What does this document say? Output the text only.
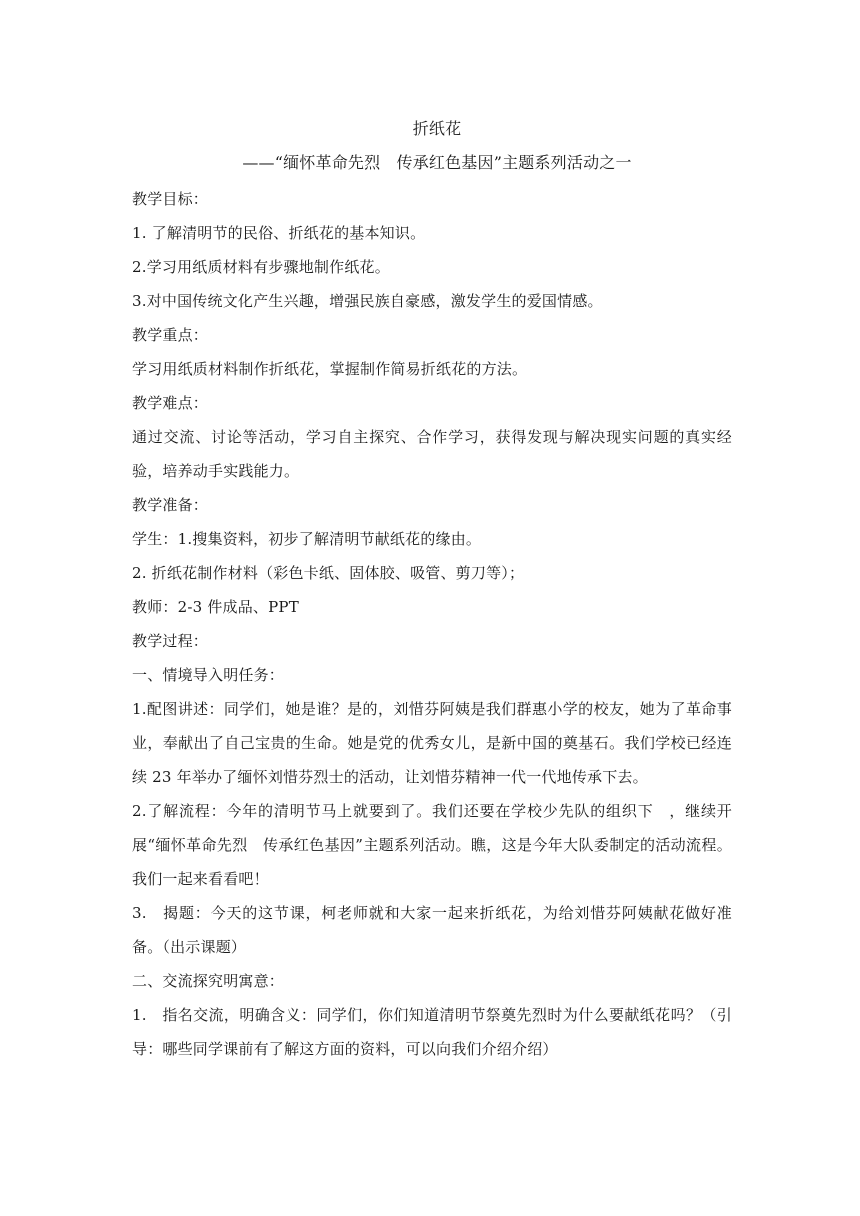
折纸花

——“缅怀革命先烈　传承红色基因”主题系列活动之一

教学目标：

1. 了解清明节的民俗、折纸花的基本知识。

2.学习用纸质材料有步骤地制作纸花。

3.对中国传统文化产生兴趣，增强民族自豪感，激发学生的爱国情感。

教学重点：

学习用纸质材料制作折纸花，掌握制作简易折纸花的方法。

教学难点：

通过交流、讨论等活动，学习自主探究、合作学习，获得发现与解决现实问题的真实经验，培养动手实践能力。

教学准备：

学生：1.搜集资料，初步了解清明节献纸花的缘由。

2. 折纸花制作材料（彩色卡纸、固体胶、吸管、剪刀等）；

教师：2-3 件成品、PPT

教学过程：

一、情境导入明任务：

1.配图讲述：同学们，她是谁？是的，刘惜芬阿姨是我们群惠小学的校友，她为了革命事业，奉献出了自己宝贵的生命。她是党的优秀女儿，是新中国的奠基石。我们学校已经连续 23 年举办了缅怀刘惜芬烈士的活动，让刘惜芬精神一代一代地传承下去。

2.了解流程：今年的清明节马上就要到了。我们还要在学校少先队的组织下　，继续开展“缅怀革命先烈　传承红色基因”主题系列活动。瞧，这是今年大队委制定的活动流程。我们一起来看看吧！

3.　揭题：今天的这节课，柯老师就和大家一起来折纸花，为给刘惜芬阿姨献花做好准备。（出示课题）

二、交流探究明寓意：

1.　指名交流，明确含义：同学们，你们知道清明节祭奠先烈时为什么要献纸花吗？（引导：哪些同学课前有了解这方面的资料，可以向我们介绍介绍）
